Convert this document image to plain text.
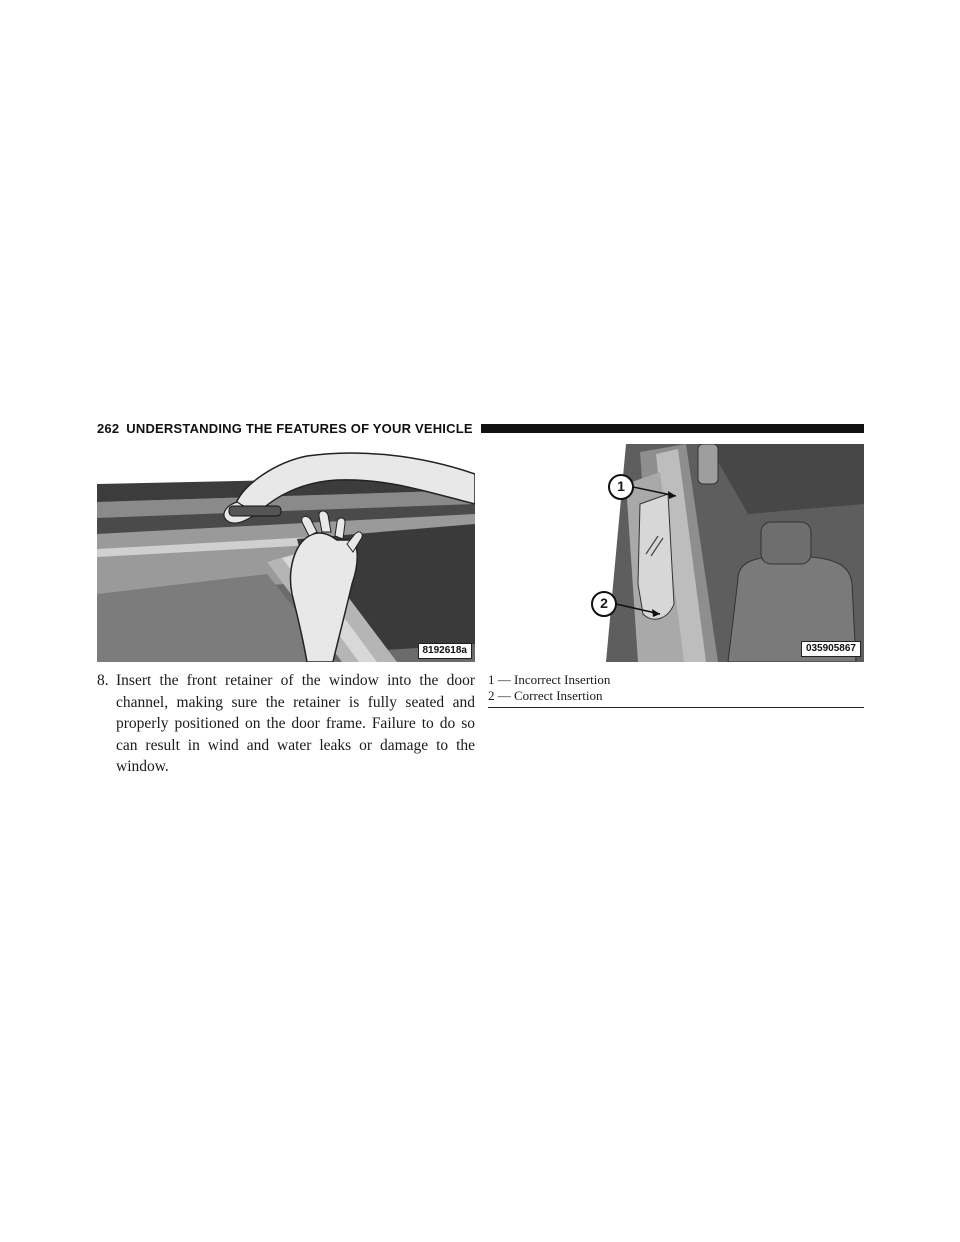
262 UNDERSTANDING THE FEATURES OF YOUR VEHICLE
8192618a
1
2
035905867
8. Insert the front retainer of the window into the door channel, making sure the retainer is fully seated and properly positioned on the door frame. Failure to do so can result in wind and water leaks or damage to the window.
1 — Incorrect Insertion
2 — Correct Insertion
